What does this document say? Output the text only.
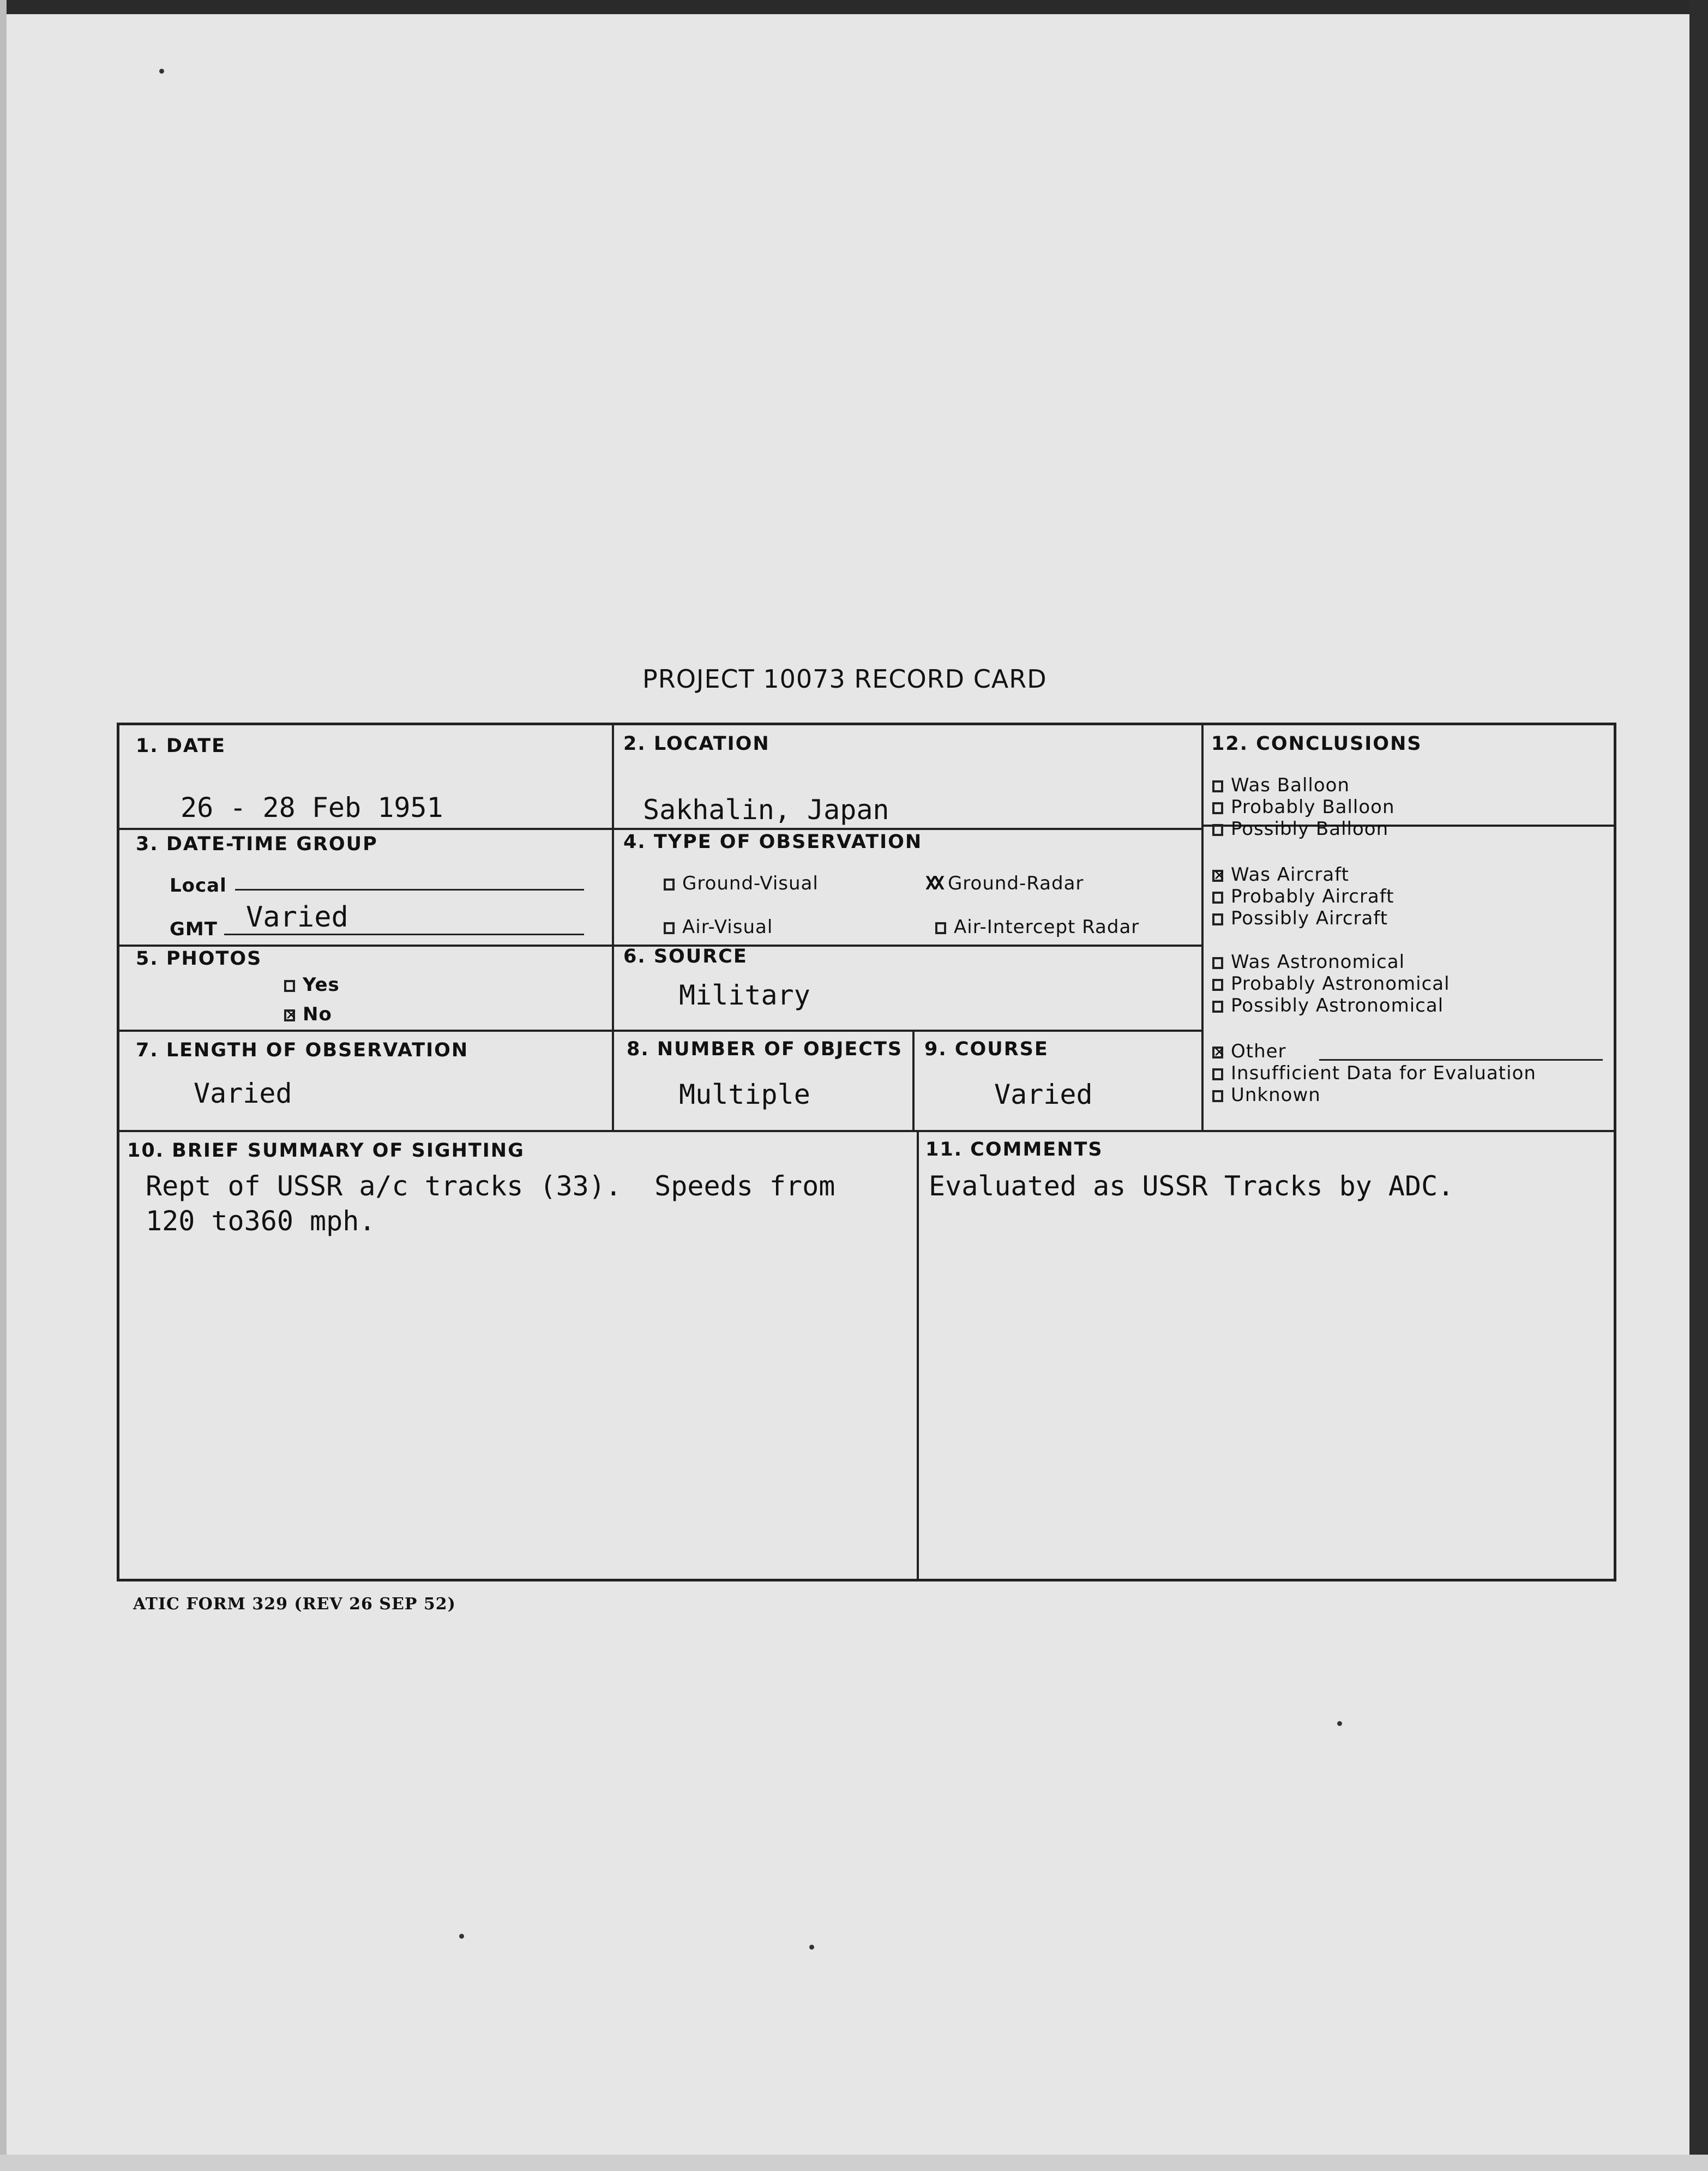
PROJECT 10073 RECORD CARD
1. DATE
26 - 28 Feb 1951
2. LOCATION
Sakhalin, Japan
3. DATE-TIME GROUP
Local
GMT Varied
4. TYPE OF OBSERVATION
Ground-Visual	XX Ground-Radar
Air-Visual	Air-Intercept Radar
5. PHOTOS
Yes
✕No
6. SOURCE
Military
7. LENGTH OF OBSERVATION
Varied
8. NUMBER OF OBJECTS
Multiple
9. COURSE
Varied
10. BRIEF SUMMARY OF SIGHTING
Rept of USSR a/c tracks (33).  Speeds from
120 to360 mph.
11. COMMENTS
Evaluated as USSR Tracks by ADC.
12. CONCLUSIONS
Was Balloon
Probably Balloon
Possibly Balloon
✕Was Aircraft
Probably Aircraft
Possibly Aircraft
Was Astronomical
Probably Astronomical
Possibly Astronomical
✕Other
Insufficient Data for Evaluation
Unknown
ATIC FORM 329 (REV 26 SEP 52)
